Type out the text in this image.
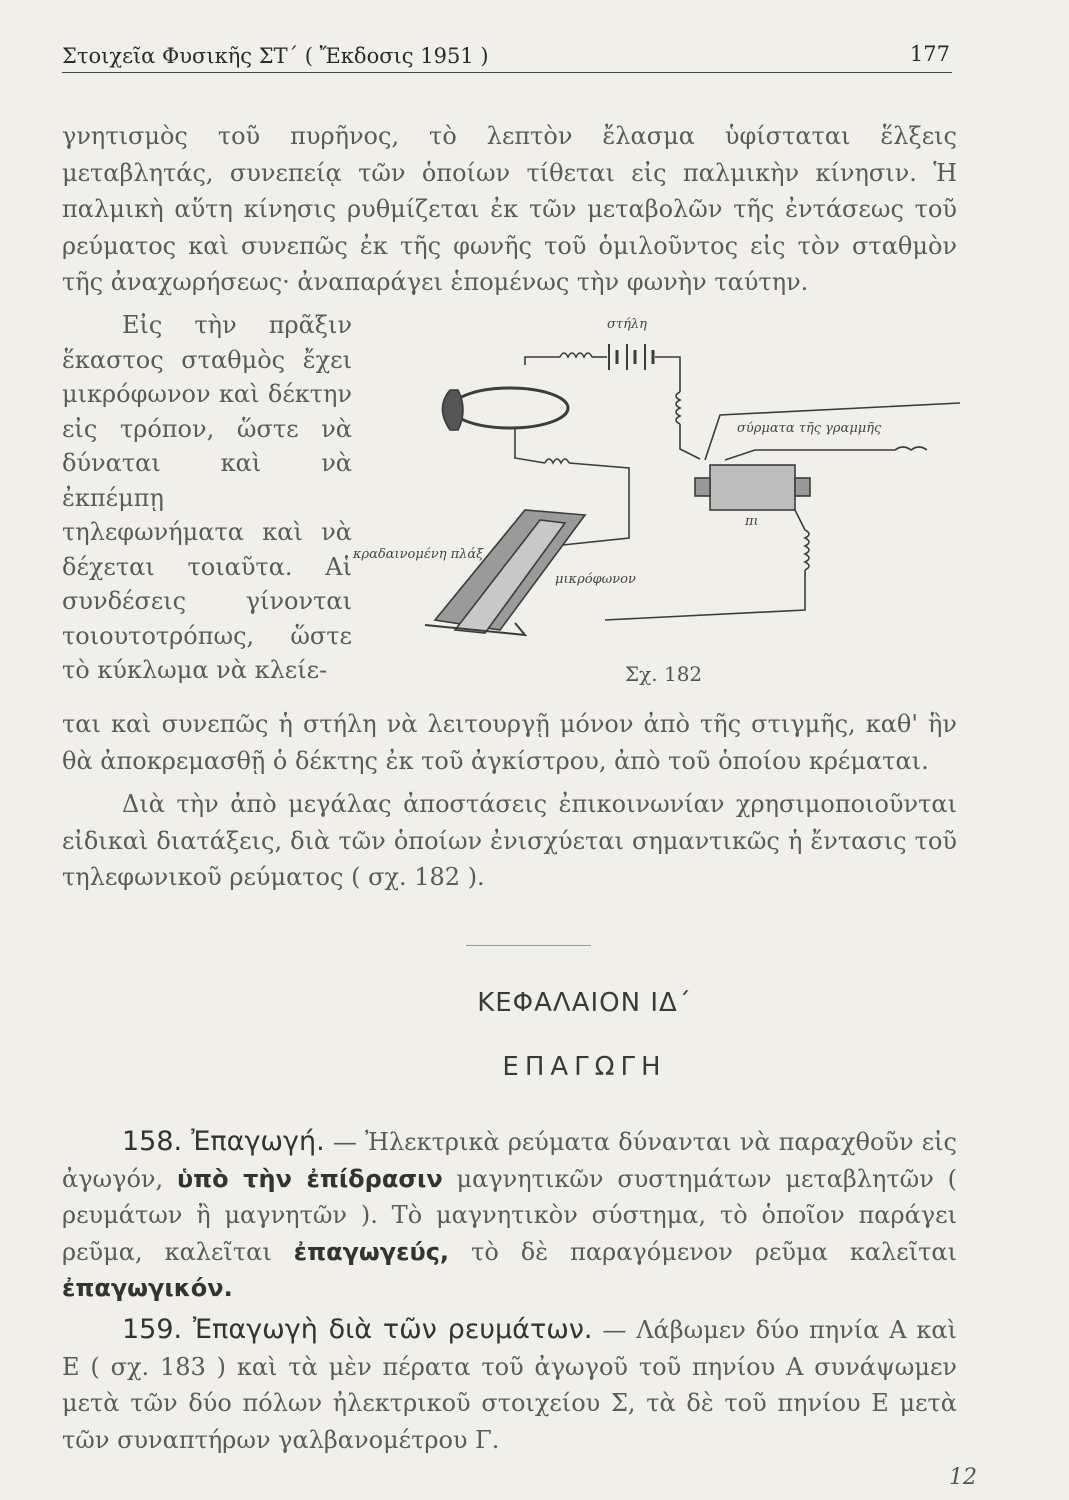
Στοιχεῖα Φυσικῆς ΣΤ΄ ( Ἔκδοσις 1951 )	177
γνητισμὸς τοῦ πυρῆνος, τὸ λεπτὸν ἔλασμα ὑφίσταται ἕλξεις μεταβλητάς, συνεπείᾳ τῶν ὁποίων τίθεται εἰς παλμικὴν κίνησιν. Ἡ παλμικὴ αὕτη κίνησις ρυθμίζεται ἐκ τῶν μεταβολῶν τῆς ἐντάσεως τοῦ ρεύματος καὶ συνεπῶς ἐκ τῆς φωνῆς τοῦ ὁμιλοῦντος εἰς τὸν σταθμὸν τῆς ἀναχωρήσεως· ἀναπαράγει ἑπομένως τὴν φωνὴν ταύτην.
Εἰς τὴν πρᾶξιν ἕκαστος σταθμὸς ἔχει μικρόφωνον καὶ δέκτην εἰς τρόπον, ὥστε νὰ δύναται καὶ νὰ ἐκπέμπῃ τηλεφωνήματα καὶ νὰ δέχεται τοιαῦτα. Αἱ συνδέσεις γίνονται τοιουτοτρόπως, ὥστε τὸ κύκλωμα νὰ κλείε-
στήλη
σύρματα τῆς γραμμῆς
κραδαινομένη πλάξ
μικρόφωνον
πι
Σχ. 182
ται καὶ συνεπῶς ἡ στήλη νὰ λειτουργῇ μόνον ἀπὸ τῆς στιγμῆς, καθ' ἣν θὰ ἀποκρεμασθῇ ὁ δέκτης ἐκ τοῦ ἀγκίστρου, ἀπὸ τοῦ ὁποίου κρέμαται.
Διὰ τὴν ἀπὸ μεγάλας ἀποστάσεις ἐπικοινωνίαν χρησιμοποιοῦνται εἰδικαὶ διατάξεις, διὰ τῶν ὁποίων ἐνισχύεται σημαντικῶς ἡ ἔντασις τοῦ τηλεφωνικοῦ ρεύματος ( σχ. 182 ).
ΚΕΦΑΛΑΙΟΝ ΙΔ΄
ΕΠΑΓΩΓΗ
158. Ἐπαγωγή. — Ἠλεκτρικὰ ρεύματα δύνανται νὰ παραχθοῦν εἰς ἀγωγόν, ὑπὸ τὴν ἐπίδρασιν μαγνητικῶν συστημάτων μεταβλητῶν ( ρευμάτων ἢ μαγνητῶν ). Τὸ μαγνητικὸν σύστημα, τὸ ὁποῖον παράγει ρεῦμα, καλεῖται ἐπαγωγεύς, τὸ δὲ παραγόμενον ρεῦμα καλεῖται ἐπαγωγικόν.
159. Ἐπαγωγὴ διὰ τῶν ρευμάτων. — Λάβωμεν δύο πηνία Α καὶ Ε ( σχ. 183 ) καὶ τὰ μὲν πέρατα τοῦ ἀγωγοῦ τοῦ πηνίου Α συνάψωμεν μετὰ τῶν δύο πόλων ἠλεκτρικοῦ στοιχείου Σ, τὰ δὲ τοῦ πηνίου Ε μετὰ τῶν συναπτήρων γαλβανομέτρου Γ.
12
